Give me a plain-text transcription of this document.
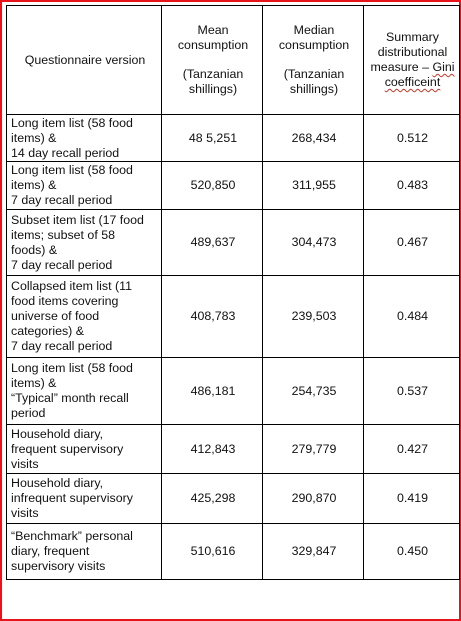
Questionnaire version	Mean
consumption
(Tanzanian
shillings)	Median
consumption
(Tanzanian
shillings)	Summary
distributional
measure – Gini
coefficeint

Long item list (58 food
items) &
14 day recall period	48 5,251	268,434	0.512

Long item list (58 food
items) &
7 day recall period	520,850	311,955	0.483

Subset item list (17 food
items; subset of 58
foods) &
7 day recall period	489,637	304,473	0.467

Collapsed item list (11
food items covering
universe of food
categories) &
7 day recall period	408,783	239,503	0.484

Long item list (58 food
items) &
“Typical” month recall
period	486,181	254,735	0.537

Household diary,
frequent supervisory
visits	412,843	279,779	0.427

Household diary,
infrequent supervisory
visits	425,298	290,870	0.419

“Benchmark” personal
diary, frequent
supervisory visits	510,616	329,847	0.450
